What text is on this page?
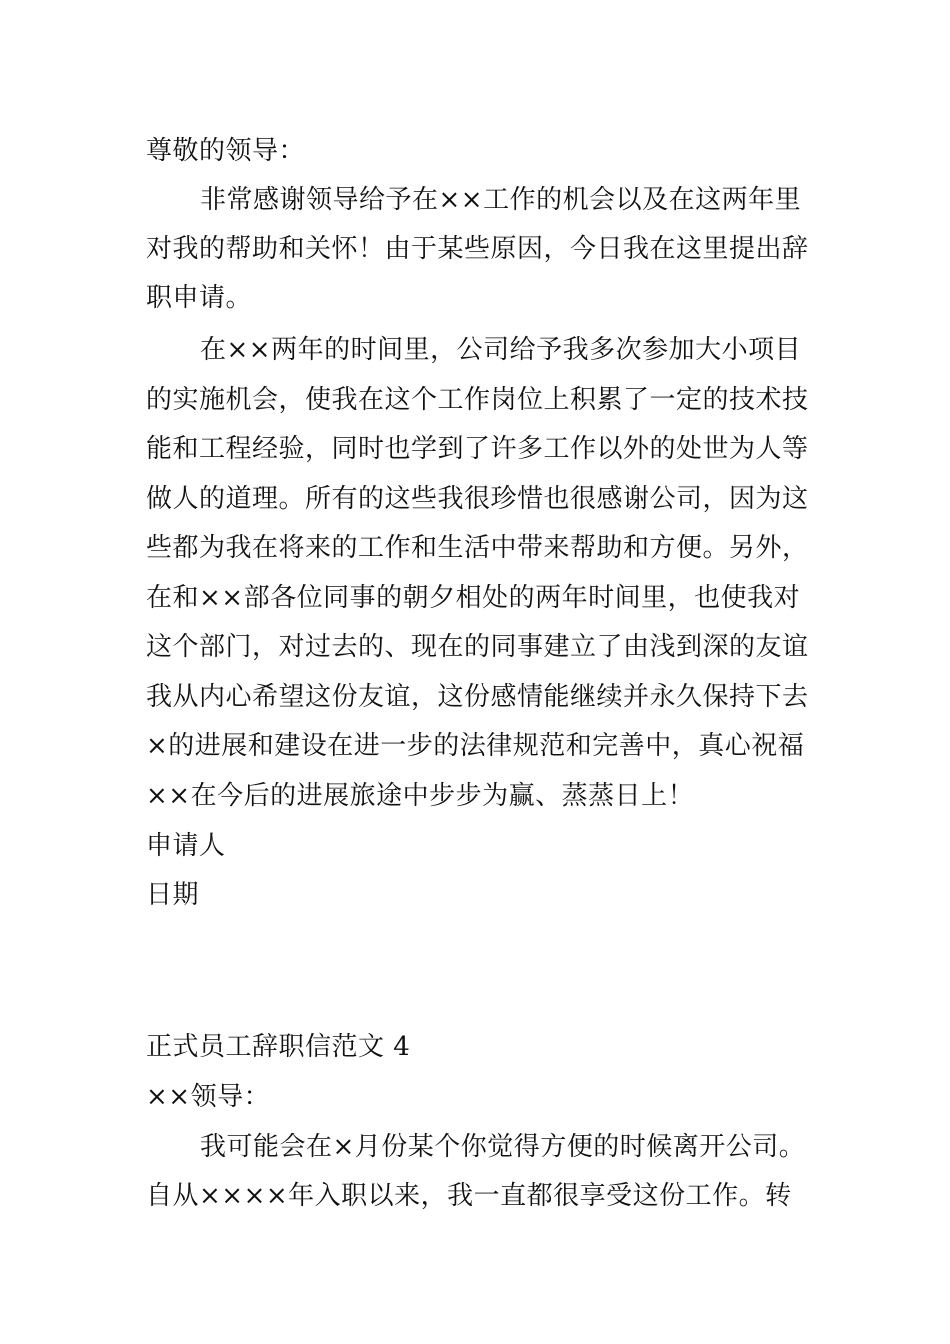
尊敬的领导：
非常感谢领导给予在××工作的机会以及在这两年里
对我的帮助和关怀！由于某些原因，今日我在这里提出辞
职申请。
在××两年的时间里，公司给予我多次参加大小项目
的实施机会，使我在这个工作岗位上积累了一定的技术技
能和工程经验，同时也学到了许多工作以外的处世为人等
做人的道理。所有的这些我很珍惜也很感谢公司，因为这
些都为我在将来的工作和生活中带来帮助和方便。另外，
在和××部各位同事的朝夕相处的两年时间里，也使我对
这个部门，对过去的、现在的同事建立了由浅到深的友谊
我从内心希望这份友谊，这份感情能继续并永久保持下去
×的进展和建设在进一步的法律规范和完善中，真心祝福
××在今后的进展旅途中步步为赢、蒸蒸日上！
申请人
日期
正式员工辞职信范文 4
××领导：
我可能会在×月份某个你觉得方便的时候离开公司。
自从××××年入职以来，我一直都很享受这份工作。转
